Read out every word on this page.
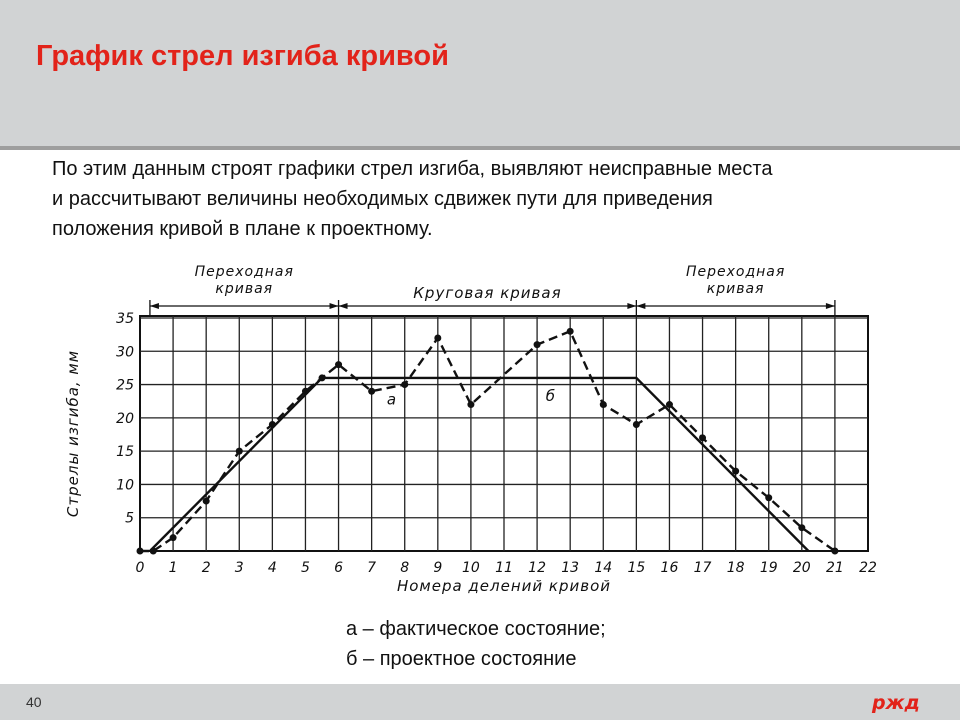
График стрел изгиба кривой
По этим данным строят графики стрел изгиба, выявляют неисправные места
и рассчитывают величины необходимых сдвижек пути для приведения
положения кривой в плане к проектному.
5
10
15
20
25
30
35
0 1 2 3 4 5 6 7 8 9 10 11 12 13 14 15 16 17 18 19 20 21 22
Номера делений кривой
Стрелы изгиба, мм
Переходная
кривая	Круговая кривая
Переходная
кривая
а	б
а – фактическое состояние;
б – проектное состояние
40	ржд
